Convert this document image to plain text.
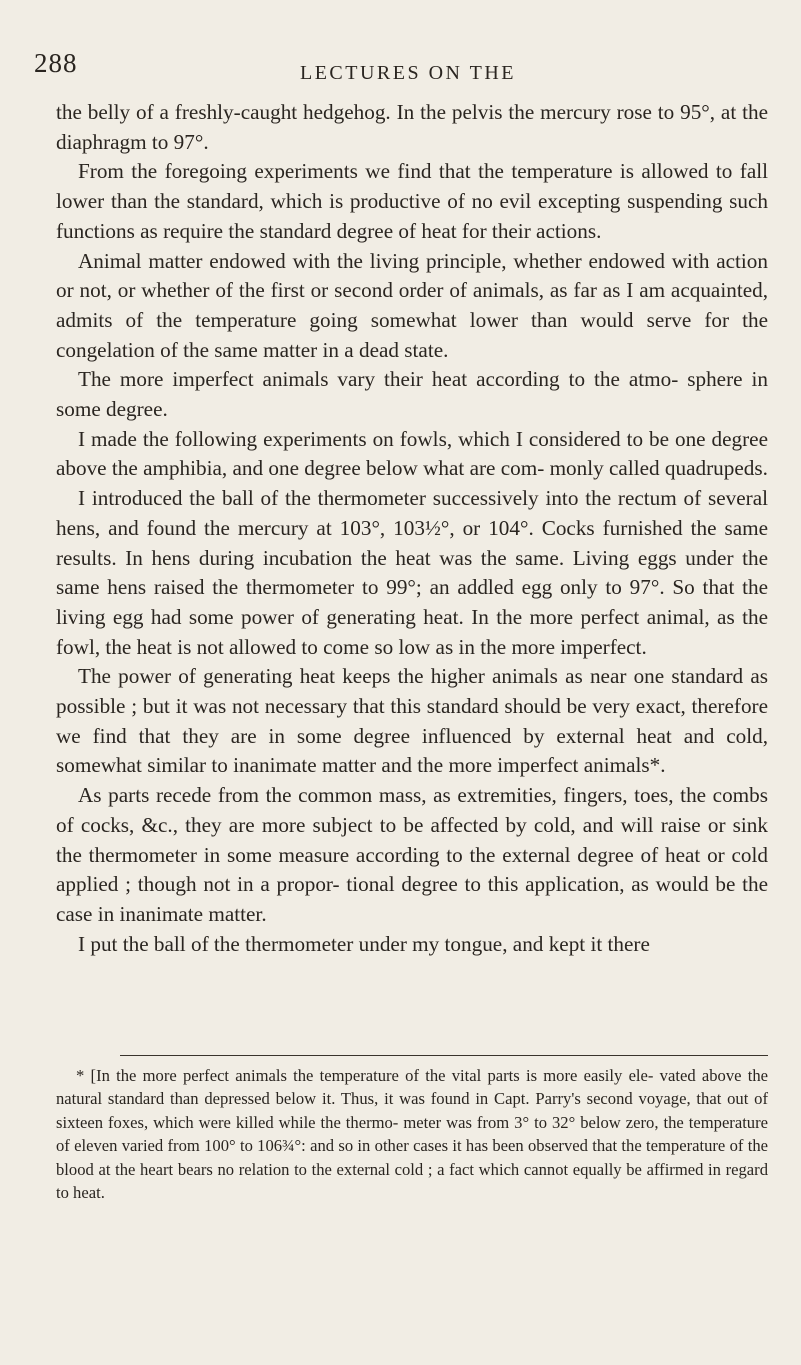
288	LECTURES ON THE

the belly of a freshly-caught hedgehog. In the pelvis the mercury rose to 95°, at the diaphragm to 97°.

From the foregoing experiments we find that the temperature is allowed to fall lower than the standard, which is productive of no evil excepting suspending such functions as require the standard degree of heat for their actions.

Animal matter endowed with the living principle, whether endowed with action or not, or whether of the first or second order of animals, as far as I am acquainted, admits of the temperature going somewhat lower than would serve for the congelation of the same matter in a dead state.

The more imperfect animals vary their heat according to the atmo- sphere in some degree.

I made the following experiments on fowls, which I considered to be one degree above the amphibia, and one degree below what are com- monly called quadrupeds.

I introduced the ball of the thermometer successively into the rectum of several hens, and found the mercury at 103°, 103½°, or 104°. Cocks furnished the same results. In hens during incubation the heat was the same. Living eggs under the same hens raised the thermometer to 99°; an addled egg only to 97°. So that the living egg had some power of generating heat. In the more perfect animal, as the fowl, the heat is not allowed to come so low as in the more imperfect.

The power of generating heat keeps the higher animals as near one standard as possible ; but it was not necessary that this standard should be very exact, therefore we find that they are in some degree influenced by external heat and cold, somewhat similar to inanimate matter and the more imperfect animals*.

As parts recede from the common mass, as extremities, fingers, toes, the combs of cocks, &c., they are more subject to be affected by cold, and will raise or sink the thermometer in some measure according to the external degree of heat or cold applied ; though not in a propor- tional degree to this application, as would be the case in inanimate matter.

I put the ball of the thermometer under my tongue, and kept it there

* [In the more perfect animals the temperature of the vital parts is more easily ele- vated above the natural standard than depressed below it. Thus, it was found in Capt. Parry's second voyage, that out of sixteen foxes, which were killed while the thermo- meter was from 3° to 32° below zero, the temperature of eleven varied from 100° to 106¾°: and so in other cases it has been observed that the temperature of the blood at the heart bears no relation to the external cold ; a fact which cannot equally be affirmed in regard to heat.
